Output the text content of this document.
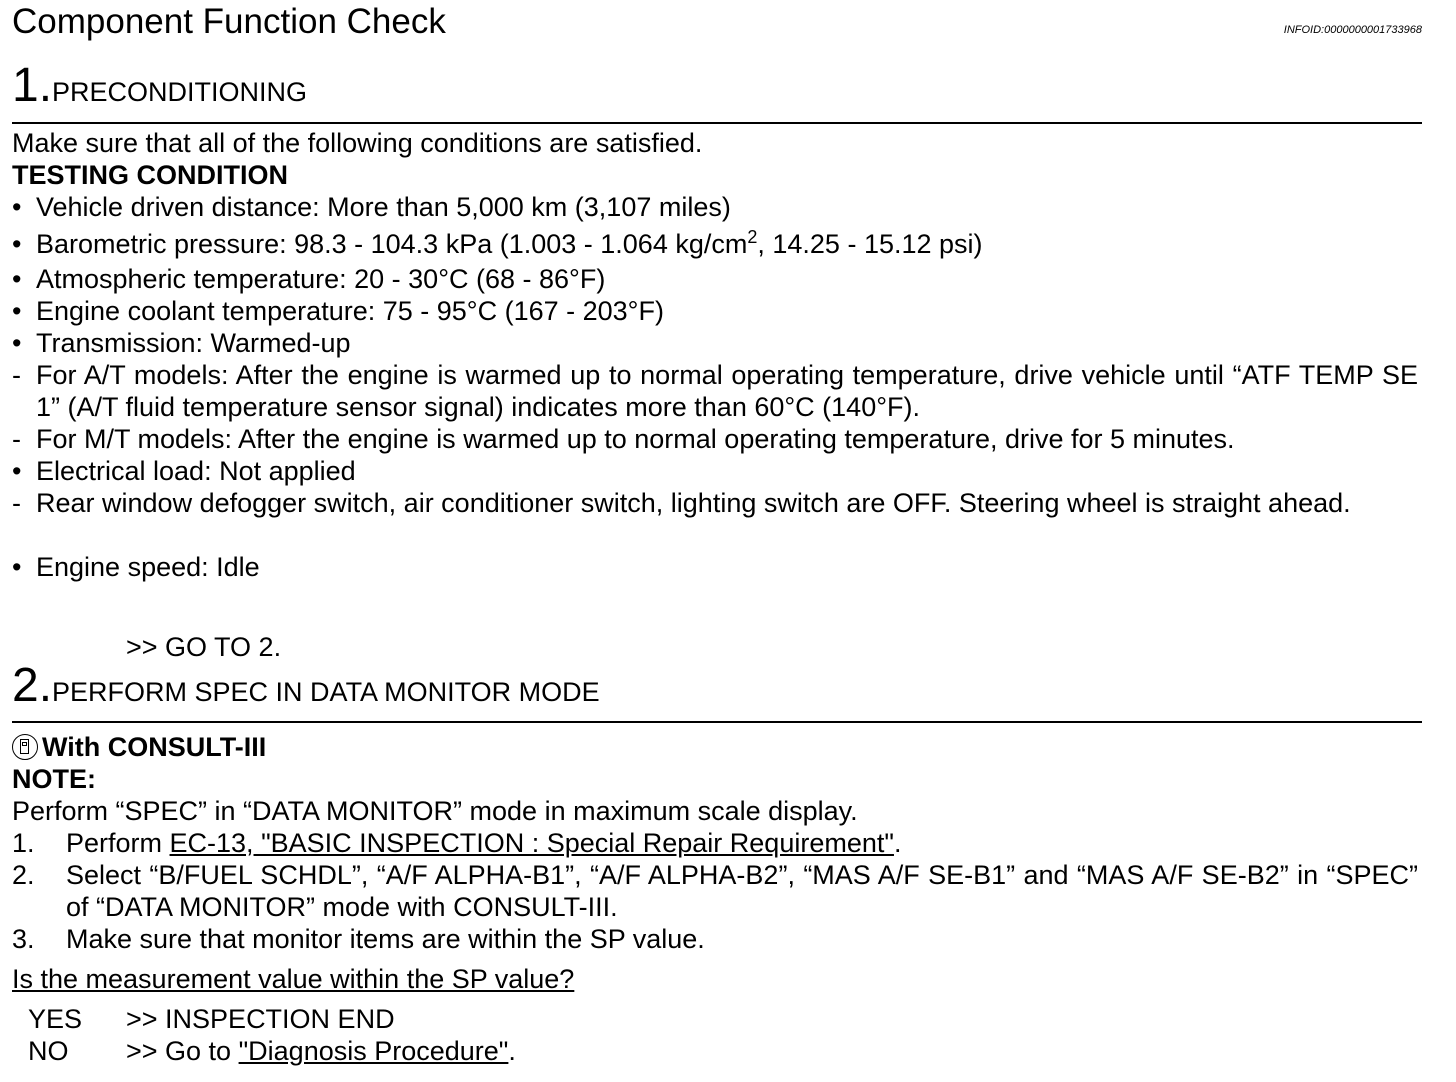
Component Function Check	INFOID:0000000001733968
1.PRECONDITIONING
Make sure that all of the following conditions are satisfied.
TESTING CONDITION
• Vehicle driven distance: More than 5,000 km (3,107 miles)
• Barometric pressure: 98.3 - 104.3 kPa (1.003 - 1.064 $kg/cm^2$, 14.25 - 15.12 psi)
• Atmospheric temperature: 20 - 30°C (68 - 86°F)
• Engine coolant temperature: 75 - 95°C (167 - 203°F)
• Transmission: Warmed-up
- For A/T models: After the engine is warmed up to normal operating temperature, drive vehicle until “ATF TEMP SE 1” (A/T fluid temperature sensor signal) indicates more than 60°C (140°F).
- For M/T models: After the engine is warmed up to normal operating temperature, drive for 5 minutes.
• Electrical load: Not applied
- Rear window defogger switch, air conditioner switch, lighting switch are OFF. Steering wheel is straight ahead.
• Engine speed: Idle
>> GO TO 2.
2.PERFORM SPEC IN DATA MONITOR MODE
With CONSULT-III
NOTE:
Perform “SPEC” in “DATA MONITOR” mode in maximum scale display.
1. Perform EC-13, "BASIC INSPECTION : Special Repair Requirement".
2. Select “B/FUEL SCHDL”, “A/F ALPHA-B1”, “A/F ALPHA-B2”, “MAS A/F SE-B1” and “MAS A/F SE-B2” in “SPEC” of “DATA MONITOR” mode with CONSULT-III.
3. Make sure that monitor items are within the SP value.
Is the measurement value within the SP value?
YES >> INSPECTION END
NO >> Go to "Diagnosis Procedure".
